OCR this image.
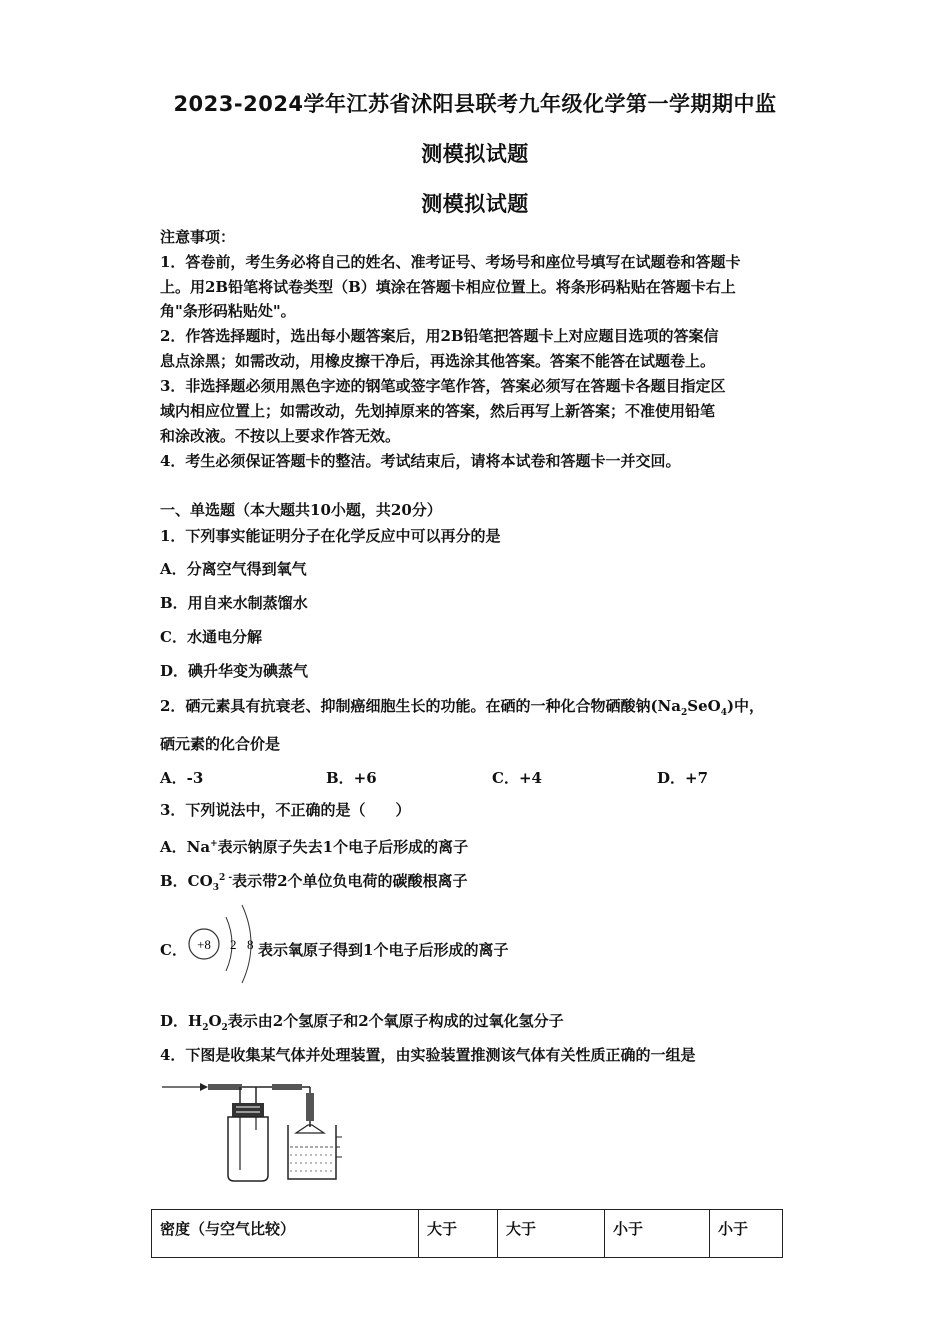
2023-2024学年江苏省沭阳县联考九年级化学第一学期期中监
测模拟试题
测模拟试题
注意事项：
1．答卷前，考生务必将自己的姓名、准考证号、考场号和座位号填写在试题卷和答题卡
上。用2B铅笔将试卷类型（B）填涂在答题卡相应位置上。将条形码粘贴在答题卡右上
角"条形码粘贴处"。
2．作答选择题时，选出每小题答案后，用2B铅笔把答题卡上对应题目选项的答案信
息点涂黑；如需改动，用橡皮擦干净后，再选涂其他答案。答案不能答在试题卷上。
3．非选择题必须用黑色字迹的钢笔或签字笔作答，答案必须写在答题卡各题目指定区
域内相应位置上；如需改动，先划掉原来的答案，然后再写上新答案；不准使用铅笔
和涂改液。不按以上要求作答无效。
4．考生必须保证答题卡的整洁。考试结束后，请将本试卷和答题卡一并交回。
一、单选题（本大题共10小题，共20分）
1．下列事实能证明分子在化学反应中可以再分的是
A．分离空气得到氧气
B．用自来水制蒸馏水
C．水通电分解
D．碘升华变为碘蒸气
2．硒元素具有抗衰老、抑制癌细胞生长的功能。在硒的一种化合物硒酸钠$(Na_2SeO_4)$中，
硒元素的化合价是
A．-3	B．+6	C．+4	D．+7
3．下列说法中，不正确的是（　　）
A．Na+表示钠原子失去1个电子后形成的离子
B．$CO_3^{2 -}$表示带2个单位负电荷的碳酸根离子
C． +8 2 8 表示氧原子得到1个电子后形成的离子
D．$H_2O_2$表示由2个氢原子和2个氧原子构成的过氧化氢分子
4．下图是收集某气体并处理装置，由实验装置推测该气体有关性质正确的一组是
密度（与空气比较）	大于	大于	小于	小于
